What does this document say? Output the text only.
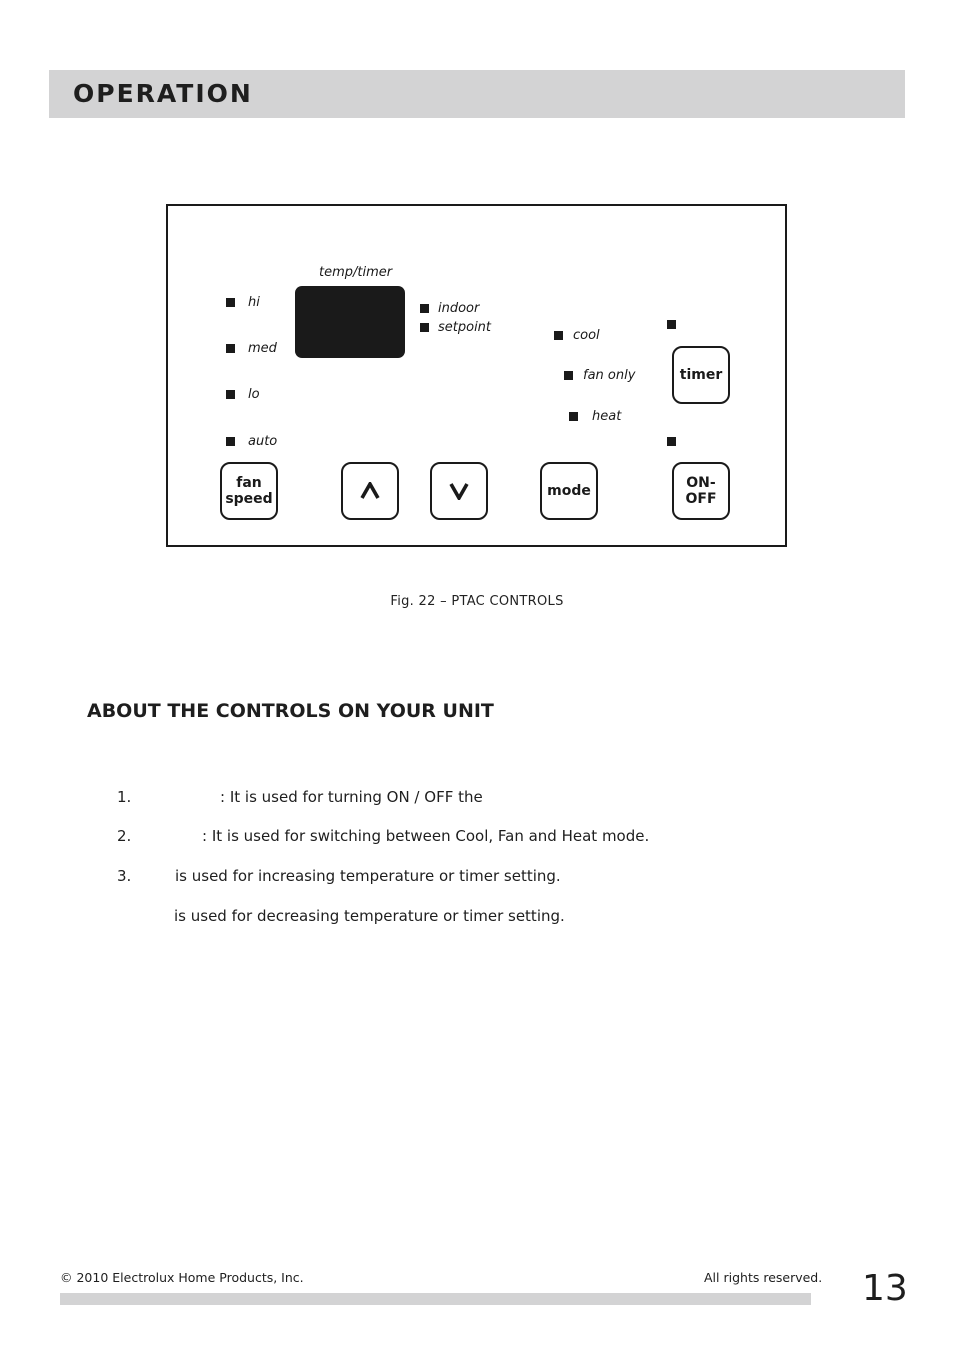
OPERATION
hi
med
lo
auto
temp/timer
indoor
setpoint
cool
fan only
heat
fan
speed	mode
timer
ON-
OFF
Fig. 22 – PTAC CONTROLS
ABOUT THE CONTROLS ON YOUR UNIT
1.	: It is used for turning ON / OFF the
2.	: It is used for switching between Cool, Fan and Heat mode.
3.	is used for increasing temperature or timer setting.
is used for decreasing temperature or timer setting.
© 2010 Electrolux Home Products, Inc.	All rights reserved. 13
